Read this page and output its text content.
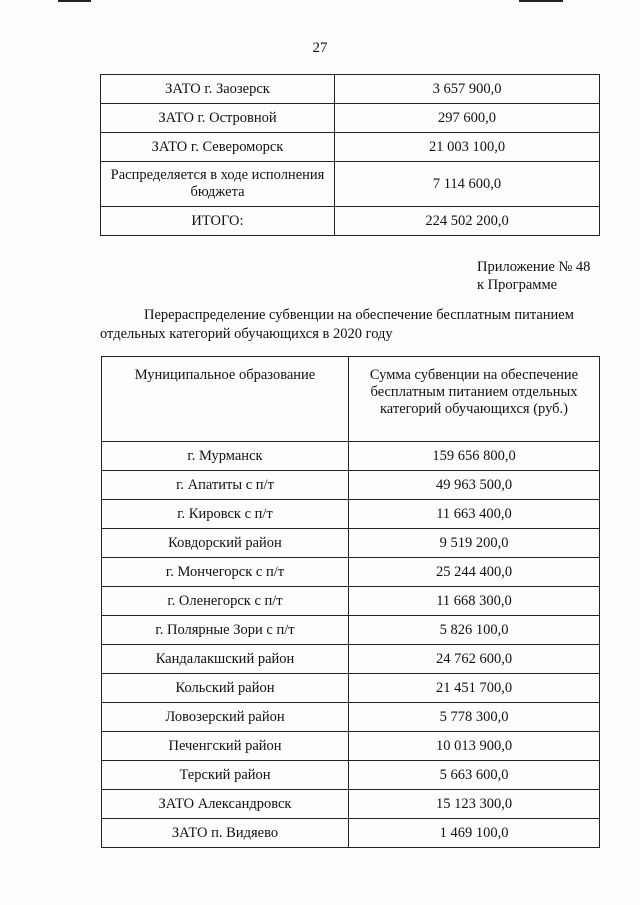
27
ЗАТО г. Заозерск	3 657 900,0
ЗАТО г. Островной	297 600,0
ЗАТО г. Североморск	21 003 100,0
Распределяется в ходе исполнения бюджета	7 114 600,0
ИТОГО:	224 502 200,0
Приложение № 48
к Программе
Перераспределение субвенции на обеспечение бесплатным питанием
отдельных категорий обучающихся в 2020 году
Муниципальное образование	Сумма субвенции на обеспечение бесплатным питанием отдельных категорий обучающихся (руб.)
г. Мурманск	159 656 800,0
г. Апатиты с п/т	49 963 500,0
г. Кировск с п/т	11 663 400,0
Ковдорский район	9 519 200,0
г. Мончегорск с п/т	25 244 400,0
г. Оленегорск с п/т	11 668 300,0
г. Полярные Зори с п/т	5 826 100,0
Кандалакшский район	24 762 600,0
Кольский район	21 451 700,0
Ловозерский район	5 778 300,0
Печенгский район	10 013 900,0
Терский район	5 663 600,0
ЗАТО Александровск	15 123 300,0
ЗАТО п. Видяево	1 469 100,0
